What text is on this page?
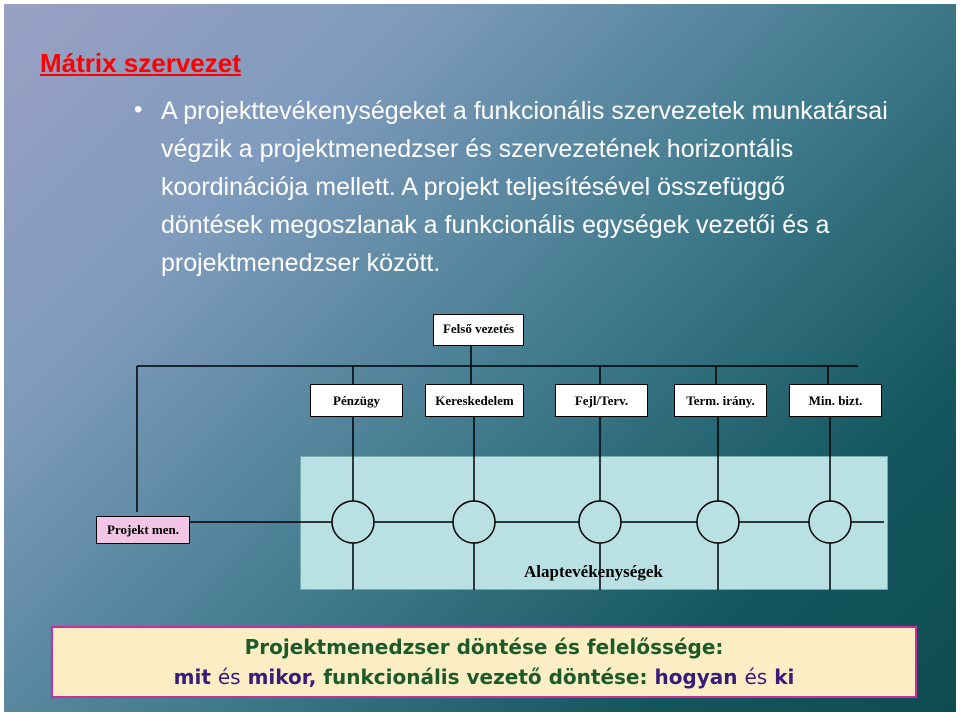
Mátrix szervezet
• A projekttevékenységeket a funkcionális szervezetek munkatársai végzik a projektmenedzser és szervezetének horizontális koordinációja mellett. A projekt teljesítésével összefüggő döntések megoszlanak a funkcionális egységek vezetői és a projektmenedzser között.
Felső vezetés
Pénzügy	Kereskedelem	Fejl/Terv.	Term. irány.	Min. bizt.
Projekt men.
Alaptevékenységek
Projektmenedzser döntése és felelőssége:
mit és mikor, funkcionális vezető döntése: hogyan és ki
